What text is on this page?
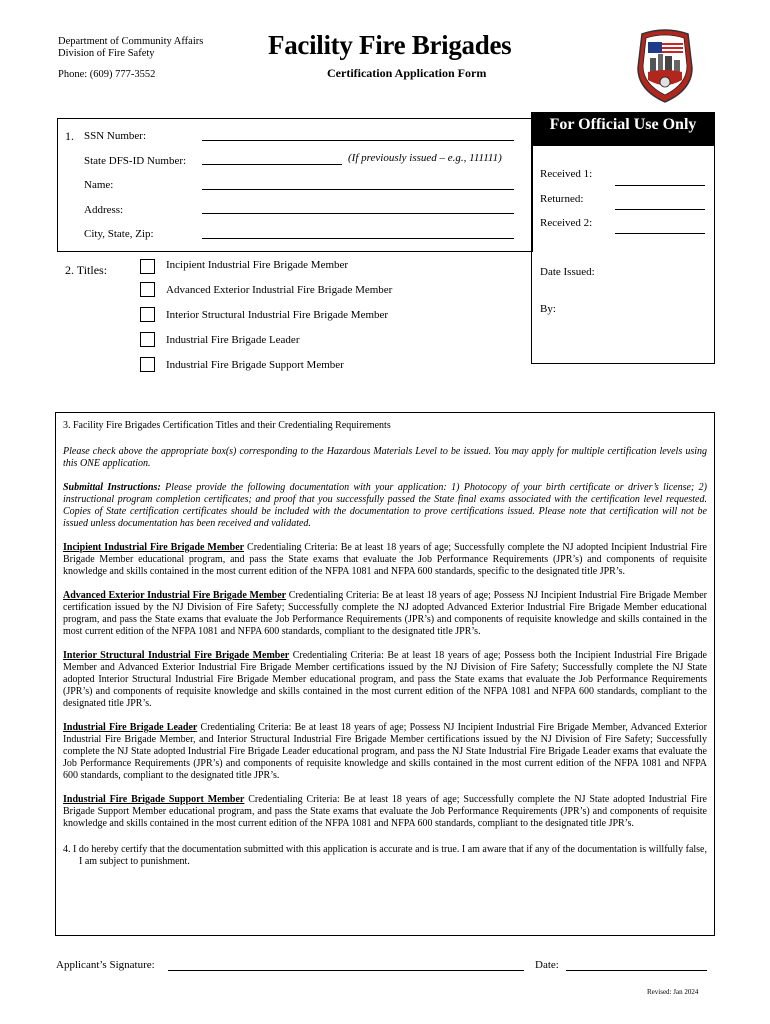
Department of Community Affairs
Division of Fire Safety
Phone: (609) 777-3552
Facility Fire Brigades
Certification Application Form
1. SSN Number:
State DFS-ID Number:	(If previously issued – e.g., 111111)
Name:
Address:
City, State, Zip:
2. Titles:	Incipient Industrial Fire Brigade Member
Advanced Exterior Industrial Fire Brigade Member
Interior Structural Industrial Fire Brigade Member
Industrial Fire Brigade Leader
Industrial Fire Brigade Support Member
For Official Use Only
Received 1:
Returned:
Received 2:
Date Issued:
By:
3. Facility Fire Brigades Certification Titles and their Credentialing Requirements
Please check above the appropriate box(s) corresponding to the Hazardous Materials Level to be issued. You may apply for multiple certification levels using this ONE application.
Submittal Instructions: Please provide the following documentation with your application: 1) Photocopy of your birth certificate or driver’s license; 2) instructional program completion certificates; and proof that you successfully passed the State final exams associated with the certification level requested. Copies of State certification certificates should be included with the documentation to prove certifications issued. Please note that certification will not be issued unless documentation has been received and validated.
Incipient Industrial Fire Brigade Member Credentialing Criteria: Be at least 18 years of age; Successfully complete the NJ adopted Incipient Industrial Fire Brigade Member educational program, and pass the State exams that evaluate the Job Performance Requirements (JPR’s) and components of requisite knowledge and skills contained in the most current edition of the NFPA 1081 and NFPA 600 standards, specific to the designated title JPR’s.
Advanced Exterior Industrial Fire Brigade Member Credentialing Criteria: Be at least 18 years of age; Possess NJ Incipient Industrial Fire Brigade Member certification issued by the NJ Division of Fire Safety; Successfully complete the NJ adopted Advanced Exterior Industrial Fire Brigade Member educational program, and pass the State exams that evaluate the Job Performance Requirements (JPR’s) and components of requisite knowledge and skills contained in the most current edition of the NFPA 1081 and NFPA 600 standards, compliant to the designated title JPR’s.
Interior Structural Industrial Fire Brigade Member Credentialing Criteria: Be at least 18 years of age; Possess both the Incipient Industrial Fire Brigade Member and Advanced Exterior Industrial Fire Brigade Member certifications issued by the NJ Division of Fire Safety; Successfully complete the NJ State adopted Interior Structural Industrial Fire Brigade Member educational program, and pass the State exams that evaluate the Job Performance Requirements (JPR’s) and components of requisite knowledge and skills contained in the most current edition of the NFPA 1081 and NFPA 600 standards, compliant to the designated title JPR’s.
Industrial Fire Brigade Leader Credentialing Criteria: Be at least 18 years of age; Possess NJ Incipient Industrial Fire Brigade Member, Advanced Exterior Industrial Fire Brigade Member, and Interior Structural Industrial Fire Brigade Member certifications issued by the NJ Division of Fire Safety; Successfully complete the NJ State adopted Industrial Fire Brigade Leader educational program, and pass the NJ State Industrial Fire Brigade Leader exams that evaluate the Job Performance Requirements (JPR’s) and components of requisite knowledge and skills contained in the most current edition of the NFPA 1081 and NFPA 600 standards, compliant to the designated title JPR’s.
Industrial Fire Brigade Support Member Credentialing Criteria: Be at least 18 years of age; Successfully complete the NJ State adopted Industrial Fire Brigade Support Member educational program, and pass the State exams that evaluate the Job Performance Requirements (JPR’s) and components of requisite knowledge and skills contained in the most current edition of the NFPA 1081 and NFPA 600 standards, compliant to the designated title JPR’s.
4. I do hereby certify that the documentation submitted with this application is accurate and is true. I am aware that if any of the documentation is willfully false, I am subject to punishment.
Applicant’s Signature:	Date:
Revised: Jan 2024
